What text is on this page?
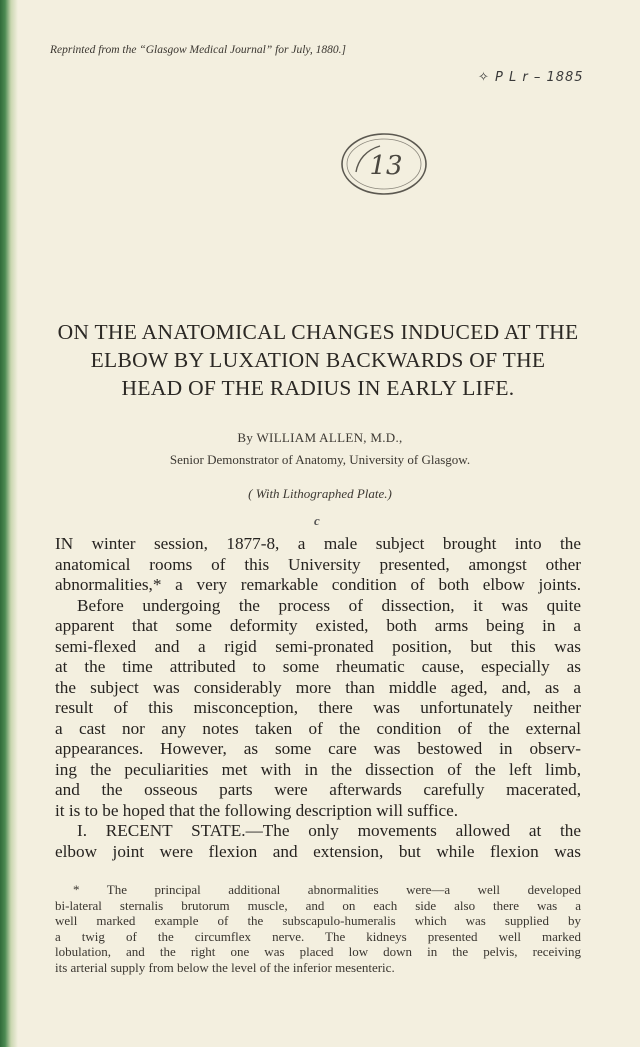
Reprinted from the “Glasgow Medical Journal” for July, 1880.]
✧ P L r – 1885
13
ON THE ANATOMICAL CHANGES INDUCED AT THE
ELBOW BY LUXATION BACKWARDS OF THE
HEAD OF THE RADIUS IN EARLY LIFE.
By WILLIAM ALLEN, M.D.,
Senior Demonstrator of Anatomy, University of Glasgow.
( With Lithographed Plate.)
c
IN winter session, 1877-8, a male subject brought into the
anatomical rooms of this University presented, amongst other
abnormalities,* a very remarkable condition of both elbow joints.
Before undergoing the process of dissection, it was quite
apparent that some deformity existed, both arms being in a
semi-flexed and a rigid semi-pronated position, but this was
at the time attributed to some rheumatic cause, especially as
the subject was considerably more than middle aged, and, as a
result of this misconception, there was unfortunately neither
a cast nor any notes taken of the condition of the external
appearances. However, as some care was bestowed in observ-
ing the peculiarities met with in the dissection of the left limb,
and the osseous parts were afterwards carefully macerated,
it is to be hoped that the following description will suffice.
I. RECENT STATE.—The only movements allowed at the
elbow joint were flexion and extension, but while flexion was
* The principal additional abnormalities were—a well developed
bi-lateral sternalis brutorum muscle, and on each side also there was a
well marked example of the subscapulo-humeralis which was supplied by
a twig of the circumflex nerve. The kidneys presented well marked
lobulation, and the right one was placed low down in the pelvis, receiving
its arterial supply from below the level of the inferior mesenteric.
